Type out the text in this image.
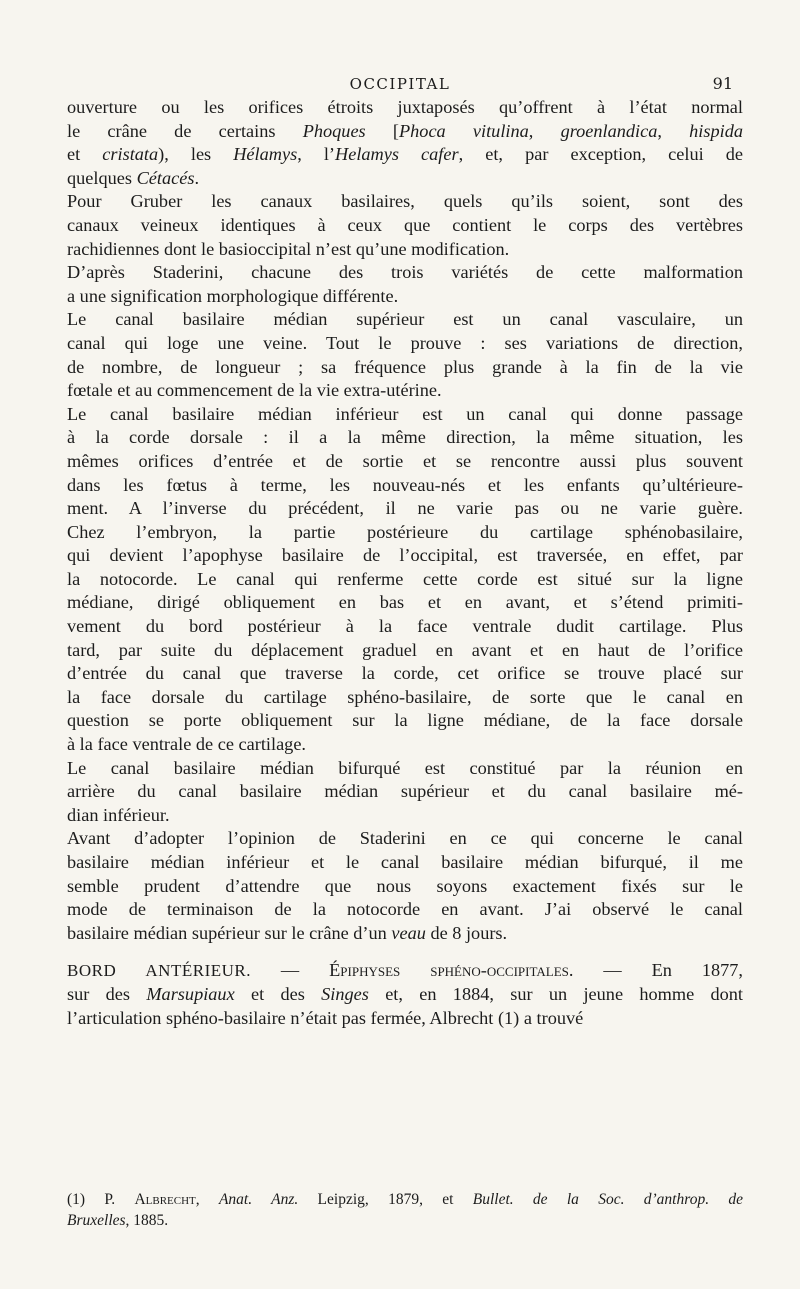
OCCIPITAL	91

ouverture ou les orifices étroits juxtaposés qu’offrent à l’état normal
le crâne de certains Phoques [Phoca vitulina, groenlandica, hispida
et cristata), les Hélamys, l’Helamys cafer, et, par exception, celui de
quelques Cétacés.

Pour Gruber les canaux basilaires, quels qu’ils soient, sont des
canaux veineux identiques à ceux que contient le corps des vertèbres
rachidiennes dont le basioccipital n’est qu’une modification.

D’après Staderini, chacune des trois variétés de cette malformation
a une signification morphologique différente.

Le canal basilaire médian supérieur est un canal vasculaire, un
canal qui loge une veine. Tout le prouve : ses variations de direction,
de nombre, de longueur ; sa fréquence plus grande à la fin de la vie
fœtale et au commencement de la vie extra-utérine.

Le canal basilaire médian inférieur est un canal qui donne passage
à la corde dorsale : il a la même direction, la même situation, les
mêmes orifices d’entrée et de sortie et se rencontre aussi plus souvent
dans les fœtus à terme, les nouveau-nés et les enfants qu’ultérieure-
ment. A l’inverse du précédent, il ne varie pas ou ne varie guère.
Chez l’embryon, la partie postérieure du cartilage sphénobasilaire,
qui devient l’apophyse basilaire de l’occipital, est traversée, en effet, par
la notocorde. Le canal qui renferme cette corde est situé sur la ligne
médiane, dirigé obliquement en bas et en avant, et s’étend primiti-
vement du bord postérieur à la face ventrale dudit cartilage. Plus
tard, par suite du déplacement graduel en avant et en haut de l’orifice
d’entrée du canal que traverse la corde, cet orifice se trouve placé sur
la face dorsale du cartilage sphéno-basilaire, de sorte que le canal en
question se porte obliquement sur la ligne médiane, de la face dorsale
à la face ventrale de ce cartilage.

Le canal basilaire médian bifurqué est constitué par la réunion en
arrière du canal basilaire médian supérieur et du canal basilaire mé-
dian inférieur.

Avant d’adopter l’opinion de Staderini en ce qui concerne le canal
basilaire médian inférieur et le canal basilaire médian bifurqué, il me
semble prudent d’attendre que nous soyons exactement fixés sur le
mode de terminaison de la notocorde en avant. J’ai observé le canal
basilaire médian supérieur sur le crâne d’un veau de 8 jours.

BORD ANTÉRIEUR. — Épiphyses sphéno-occipitales. — En 1877,
sur des Marsupiaux et des Singes et, en 1884, sur un jeune homme dont
l’articulation sphéno-basilaire n’était pas fermée, Albrecht (1) a trouvé

(1) P. Albrecht, Anat. Anz. Leipzig, 1879, et Bullet. de la Soc. d’anthrop. de
Bruxelles, 1885.
